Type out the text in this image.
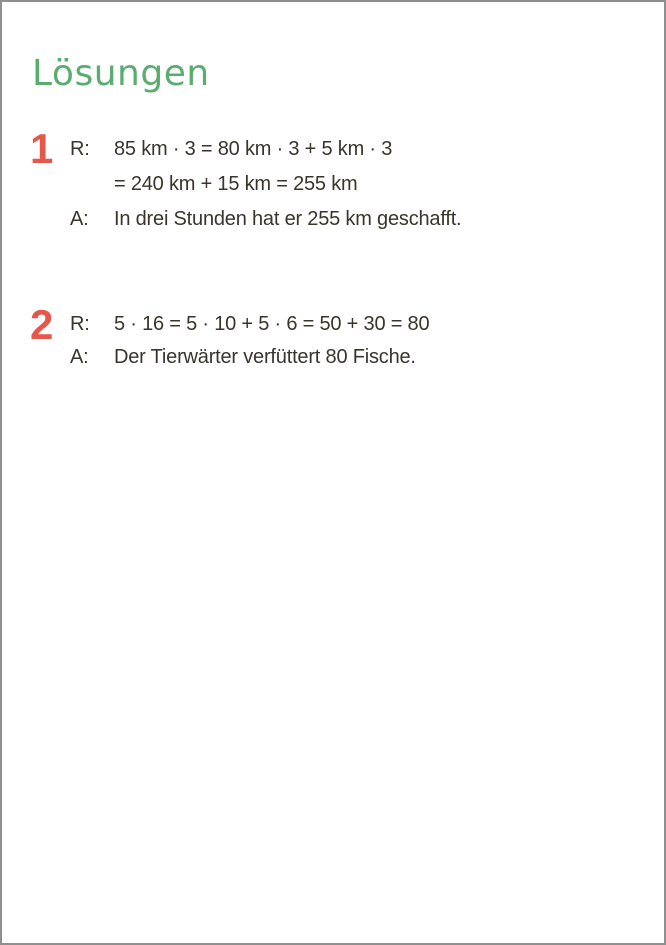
Lösungen
1 R:	85 km · 3 = 80 km · 3 + 5 km · 3
= 240 km + 15 km = 255 km
A:	In drei Stunden hat er 255 km geschafft.
2 R:	5 · 16 = 5 · 10 + 5 · 6 = 50 + 30 = 80
A:	Der Tierwärter verfüttert 80 Fische.
